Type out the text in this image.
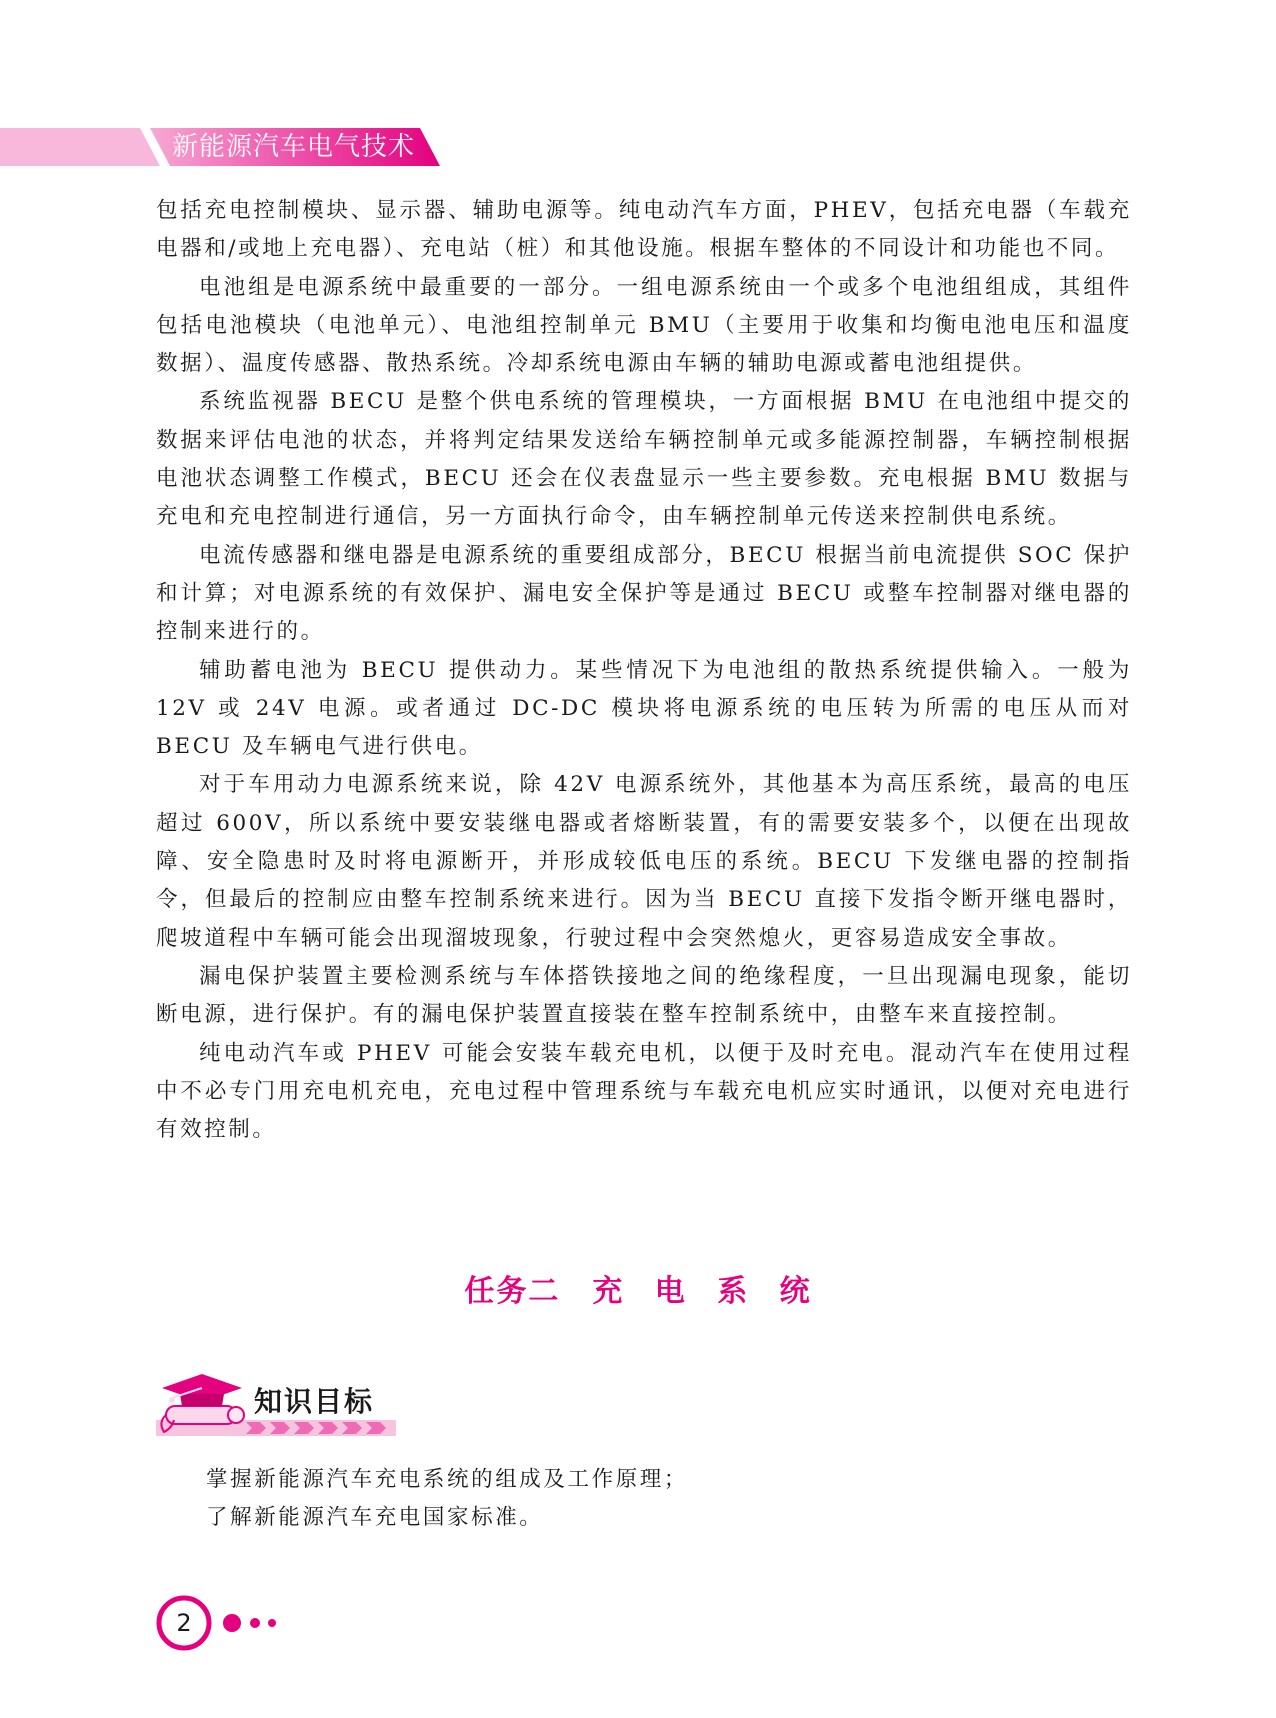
新能源汽车电气技术

包括充电控制模块、显示器、辅助电源等。纯电动汽车方面，PHEV，包括充电器（车载充电器和/或地上充电器）、充电站（桩）和其他设施。根据车整体的不同设计和功能也不同。

电池组是电源系统中最重要的一部分。一组电源系统由一个或多个电池组组成，其组件包括电池模块（电池单元）、电池组控制单元 BMU（主要用于收集和均衡电池电压和温度数据）、温度传感器、散热系统。冷却系统电源由车辆的辅助电源或蓄电池组提供。

系统监视器 BECU 是整个供电系统的管理模块，一方面根据 BMU 在电池组中提交的数据来评估电池的状态，并将判定结果发送给车辆控制单元或多能源控制器，车辆控制根据电池状态调整工作模式，BECU 还会在仪表盘显示一些主要参数。充电根据 BMU 数据与充电和充电控制进行通信，另一方面执行命令，由车辆控制单元传送来控制供电系统。

电流传感器和继电器是电源系统的重要组成部分，BECU 根据当前电流提供 SOC 保护和计算；对电源系统的有效保护、漏电安全保护等是通过 BECU 或整车控制器对继电器的控制来进行的。

辅助蓄电池为 BECU 提供动力。某些情况下为电池组的散热系统提供输入。一般为 12V 或 24V 电源。或者通过 DC-DC 模块将电源系统的电压转为所需的电压从而对 BECU 及车辆电气进行供电。

对于车用动力电源系统来说，除 42V 电源系统外，其他基本为高压系统，最高的电压超过 600V，所以系统中要安装继电器或者熔断装置，有的需要安装多个，以便在出现故障、安全隐患时及时将电源断开，并形成较低电压的系统。BECU 下发继电器的控制指令，但最后的控制应由整车控制系统来进行。因为当 BECU 直接下发指令断开继电器时，爬坡道程中车辆可能会出现溜坡现象，行驶过程中会突然熄火，更容易造成安全事故。

漏电保护装置主要检测系统与车体搭铁接地之间的绝缘程度，一旦出现漏电现象，能切断电源，进行保护。有的漏电保护装置直接装在整车控制系统中，由整车来直接控制。

纯电动汽车或 PHEV 可能会安装车载充电机，以便于及时充电。混动汽车在使用过程中不必专门用充电机充电，充电过程中管理系统与车载充电机应实时通讯，以便对充电进行有效控制。

任务二　充 电 系 统
知识目标
掌握新能源汽车充电系统的组成及工作原理；
了解新能源汽车充电国家标准。
2
